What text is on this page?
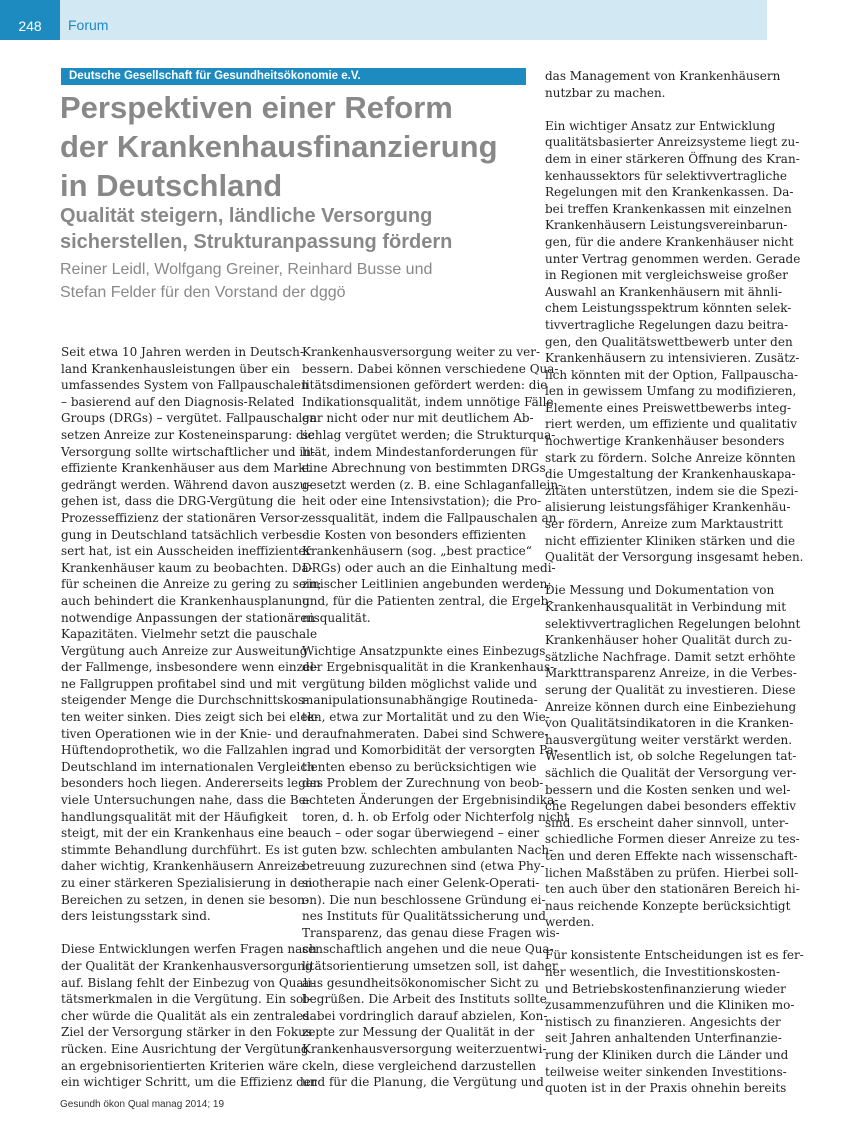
248	Forum
Deutsche Gesellschaft für Gesundheitsökonomie e.V.
Perspektiven einer Reform
der Krankenhausfinanzierung
in Deutschland
Qualität steigern, ländliche Versorgung
sicherstellen, Strukturanpassung fördern
Reiner Leidl, Wolfgang Greiner, Reinhard Busse und
Stefan Felder für den Vorstand der dggö
Seit etwa 10 Jahren werden in Deutsch-
land Krankenhausleistungen über ein
umfassendes System von Fallpauschalen
– basierend auf den Diagnosis-Related
Groups (DRGs) – vergütet. Fallpauschalen
setzen Anreize zur Kosteneinsparung: die
Versorgung sollte wirtschaftlicher und in-
effiziente Krankenhäuser aus dem Markt
gedrängt werden. Während davon auszu-
gehen ist, dass die DRG-Vergütung die
Prozesseffizienz der stationären Versor-
gung in Deutschland tatsächlich verbes-
sert hat, ist ein Ausscheiden ineffizienter
Krankenhäuser kaum zu beobachten. Da-
für scheinen die Anreize zu gering zu sein;
auch behindert die Krankenhausplanung
notwendige Anpassungen der stationären
Kapazitäten. Vielmehr setzt die pauschale
Vergütung auch Anreize zur Ausweitung
der Fallmenge, insbesondere wenn einzel-
ne Fallgruppen profitabel sind und mit
steigender Menge die Durchschnittskos-
ten weiter sinken. Dies zeigt sich bei elek-
tiven Operationen wie in der Knie- und
Hüftendoprothetik, wo die Fallzahlen in
Deutschland im internationalen Vergleich
besonders hoch liegen. Andererseits legen
viele Untersuchungen nahe, dass die Be-
handlungsqualität mit der Häufigkeit
steigt, mit der ein Krankenhaus eine be-
stimmte Behandlung durchführt. Es ist
daher wichtig, Krankenhäusern Anreize
zu einer stärkeren Spezialisierung in den
Bereichen zu setzen, in denen sie beson-
ders leistungsstark sind.
Diese Entwicklungen werfen Fragen nach
der Qualität der Krankenhausversorgung
auf. Bislang fehlt der Einbezug von Quali-
tätsmerkmalen in die Vergütung. Ein sol-
cher würde die Qualität als ein zentrales
Ziel der Versorgung stärker in den Fokus
rücken. Eine Ausrichtung der Vergütung
an ergebnisorientierten Kriterien wäre
ein wichtiger Schritt, um die Effizienz der
Krankenhausversorgung weiter zu ver-
bessern. Dabei können verschiedene Qua-
litätsdimensionen gefördert werden: die
Indikationsqualität, indem unnötige Fälle
gar nicht oder nur mit deutlichem Ab-
schlag vergütet werden; die Strukturqua-
lität, indem Mindestanforderungen für
eine Abrechnung von bestimmten DRGs
gesetzt werden (z. B. eine Schlaganfallein-
heit oder eine Intensivstation); die Pro-
zessqualität, indem die Fallpauschalen an
die Kosten von besonders effizienten
Krankenhäusern (sog. „best practice“
DRGs) oder auch an die Einhaltung medi-
zinischer Leitlinien angebunden werden;
und, für die Patienten zentral, die Ergeb-
nisqualität.
Wichtige Ansatzpunkte eines Einbezugs
der Ergebnisqualität in die Krankenhaus-
vergütung bilden möglichst valide und
manipulationsunabhängige Routineda-
ten, etwa zur Mortalität und zu den Wie-
deraufnahmeraten. Dabei sind Schwere-
grad und Komorbidität der versorgten Pa-
tienten ebenso zu berücksichtigen wie
das Problem der Zurechnung von beob-
achteten Änderungen der Ergebnisindika-
toren, d. h. ob Erfolg oder Nichterfolg nicht
auch – oder sogar überwiegend – einer
guten bzw. schlechten ambulanten Nach-
betreuung zuzurechnen sind (etwa Phy-
siotherapie nach einer Gelenk-Operati-
on). Die nun beschlossene Gründung ei-
nes Instituts für Qualitätssicherung und
Transparenz, das genau diese Fragen wis-
senschaftlich angehen und die neue Qua-
litätsorientierung umsetzen soll, ist daher
aus gesundheitsökonomischer Sicht zu
begrüßen. Die Arbeit des Instituts sollte
dabei vordringlich darauf abzielen, Kon-
zepte zur Messung der Qualität in der
Krankenhausversorgung weiterzuentwi-
ckeln, diese vergleichend darzustellen
und für die Planung, die Vergütung und
das Management von Krankenhäusern
nutzbar zu machen.
Ein wichtiger Ansatz zur Entwicklung
qualitätsbasierter Anreizsysteme liegt zu-
dem in einer stärkeren Öffnung des Kran-
kenhaussektors für selektivvertragliche
Regelungen mit den Krankenkassen. Da-
bei treffen Krankenkassen mit einzelnen
Krankenhäusern Leistungsvereinbarun-
gen, für die andere Krankenhäuser nicht
unter Vertrag genommen werden. Gerade
in Regionen mit vergleichsweise großer
Auswahl an Krankenhäusern mit ähnli-
chem Leistungsspektrum könnten selek-
tivvertragliche Regelungen dazu beitra-
gen, den Qualitätswettbewerb unter den
Krankenhäusern zu intensivieren. Zusätz-
lich könnten mit der Option, Fallpauscha-
len in gewissem Umfang zu modifizieren,
Elemente eines Preiswettbewerbs integ-
riert werden, um effiziente und qualitativ
hochwertige Krankenhäuser besonders
stark zu fördern. Solche Anreize könnten
die Umgestaltung der Krankenhauskapa-
zitäten unterstützen, indem sie die Spezi-
alisierung leistungsfähiger Krankenhäu-
ser fördern, Anreize zum Marktaustritt
nicht effizienter Kliniken stärken und die
Qualität der Versorgung insgesamt heben.
Die Messung und Dokumentation von
Krankenhausqualität in Verbindung mit
selektivvertraglichen Regelungen belohnt
Krankenhäuser hoher Qualität durch zu-
sätzliche Nachfrage. Damit setzt erhöhte
Markttransparenz Anreize, in die Verbes-
serung der Qualität zu investieren. Diese
Anreize können durch eine Einbeziehung
von Qualitätsindikatoren in die Kranken-
hausvergütung weiter verstärkt werden.
Wesentlich ist, ob solche Regelungen tat-
sächlich die Qualität der Versorgung ver-
bessern und die Kosten senken und wel-
che Regelungen dabei besonders effektiv
sind. Es erscheint daher sinnvoll, unter-
schiedliche Formen dieser Anreize zu tes-
ten und deren Effekte nach wissenschaft-
lichen Maßstäben zu prüfen. Hierbei soll-
ten auch über den stationären Bereich hi-
naus reichende Konzepte berücksichtigt
werden.
Für konsistente Entscheidungen ist es fer-
ner wesentlich, die Investitionskosten-
und Betriebskostenfinanzierung wieder
zusammenzuführen und die Kliniken mo-
nistisch zu finanzieren. Angesichts der
seit Jahren anhaltenden Unterfinanzie-
rung der Kliniken durch die Länder und
teilweise weiter sinkenden Investitions-
quoten ist in der Praxis ohnehin bereits
Gesundh ökon Qual manag 2014; 19
